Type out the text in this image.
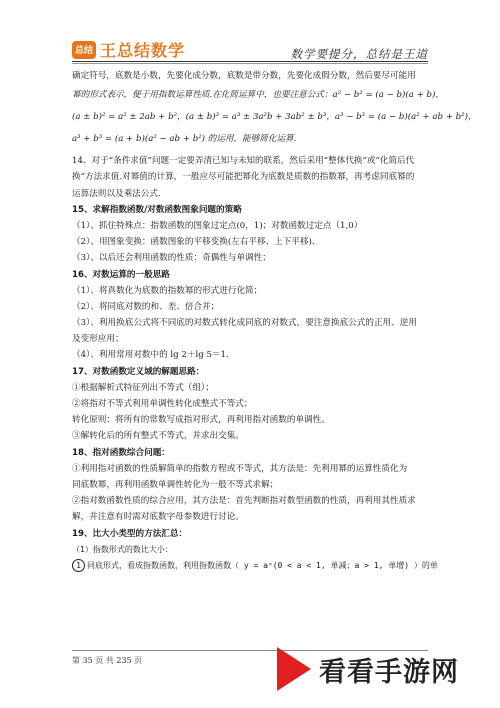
总结 王总结数学	数学要提分，总结是王道
确定符号，底数是小数，先要化成分数，底数是带分数，先要化成假分数，然后要尽可能用
幂的形式表示，便于用指数运算性质.在化简运算中，也要注意公式：a² − b² = (a − b)(a + b)，
(a ± b)² = a² ± 2ab + b²，(a ± b)³ = a³ ± 3a²b + 3ab² ± b³，a³ − b³ = (a − b)(a² + ab + b²)，
a³ + b³ = (a + b)(a² − ab + b²) 的运用，能够简化运算.
14、对于“条件求值”问题一定要弄清已知与未知的联系，然后采用“整体代换”或“化简后代
换”方法求值.对幂值的计算，一般应尽可能把幂化为底数是质数的指数幂，再考虑同底幂的
运算法则以及乘法公式.
15、求解指数函数/对数函数图象问题的策略
（1）、抓住特殊点：指数函数的图象过定点(0，1)；对数函数过定点（1,0）
（2）、用图象变换：函数图象的平移变换(左右平移、上下平移).
（3）、以后还会利用函数的性质：奇偶性与单调性；
16、对数运算的一般思路
（1）、将真数化为底数的指数幂的形式进行化简；
（2）、将同底对数的和、差、倍合并；
（3）、利用换底公式将不同底的对数式转化成同底的对数式，要注意换底公式的正用、逆用
及变形应用；
（4）、利用常用对数中的 lg 2＋lg 5＝1.
17、对数函数定义域的解题思路：
①根据解析式特征列出不等式（组）；
②将指对不等式利用单调性转化成整式不等式；
转化原则：将所有的常数写成指对形式，再利用指对函数的单调性。
③解转化后的所有整式不等式，并求出交集。
18、指对函数综合问题：
①利用指对函数的性质解简单的指数方程或不等式，其方法是：先利用幂的运算性质化为
同底数幂，再利用函数单调性转化为一般不等式求解；
②指对数函数性质的综合应用，其方法是：首先判断指对数型函数的性质，再利用其性质求
解，并注意有时需对底数字母参数进行讨论。
19、比大小类型的方法汇总：
（1）指数形式的数比大小：
1 同底形式，看成指数函数，利用指数函数（ y = aˣ(0 < a < 1, 单减；a > 1, 单增) ）的单
第 35 页 共 235 页	看看手游网
